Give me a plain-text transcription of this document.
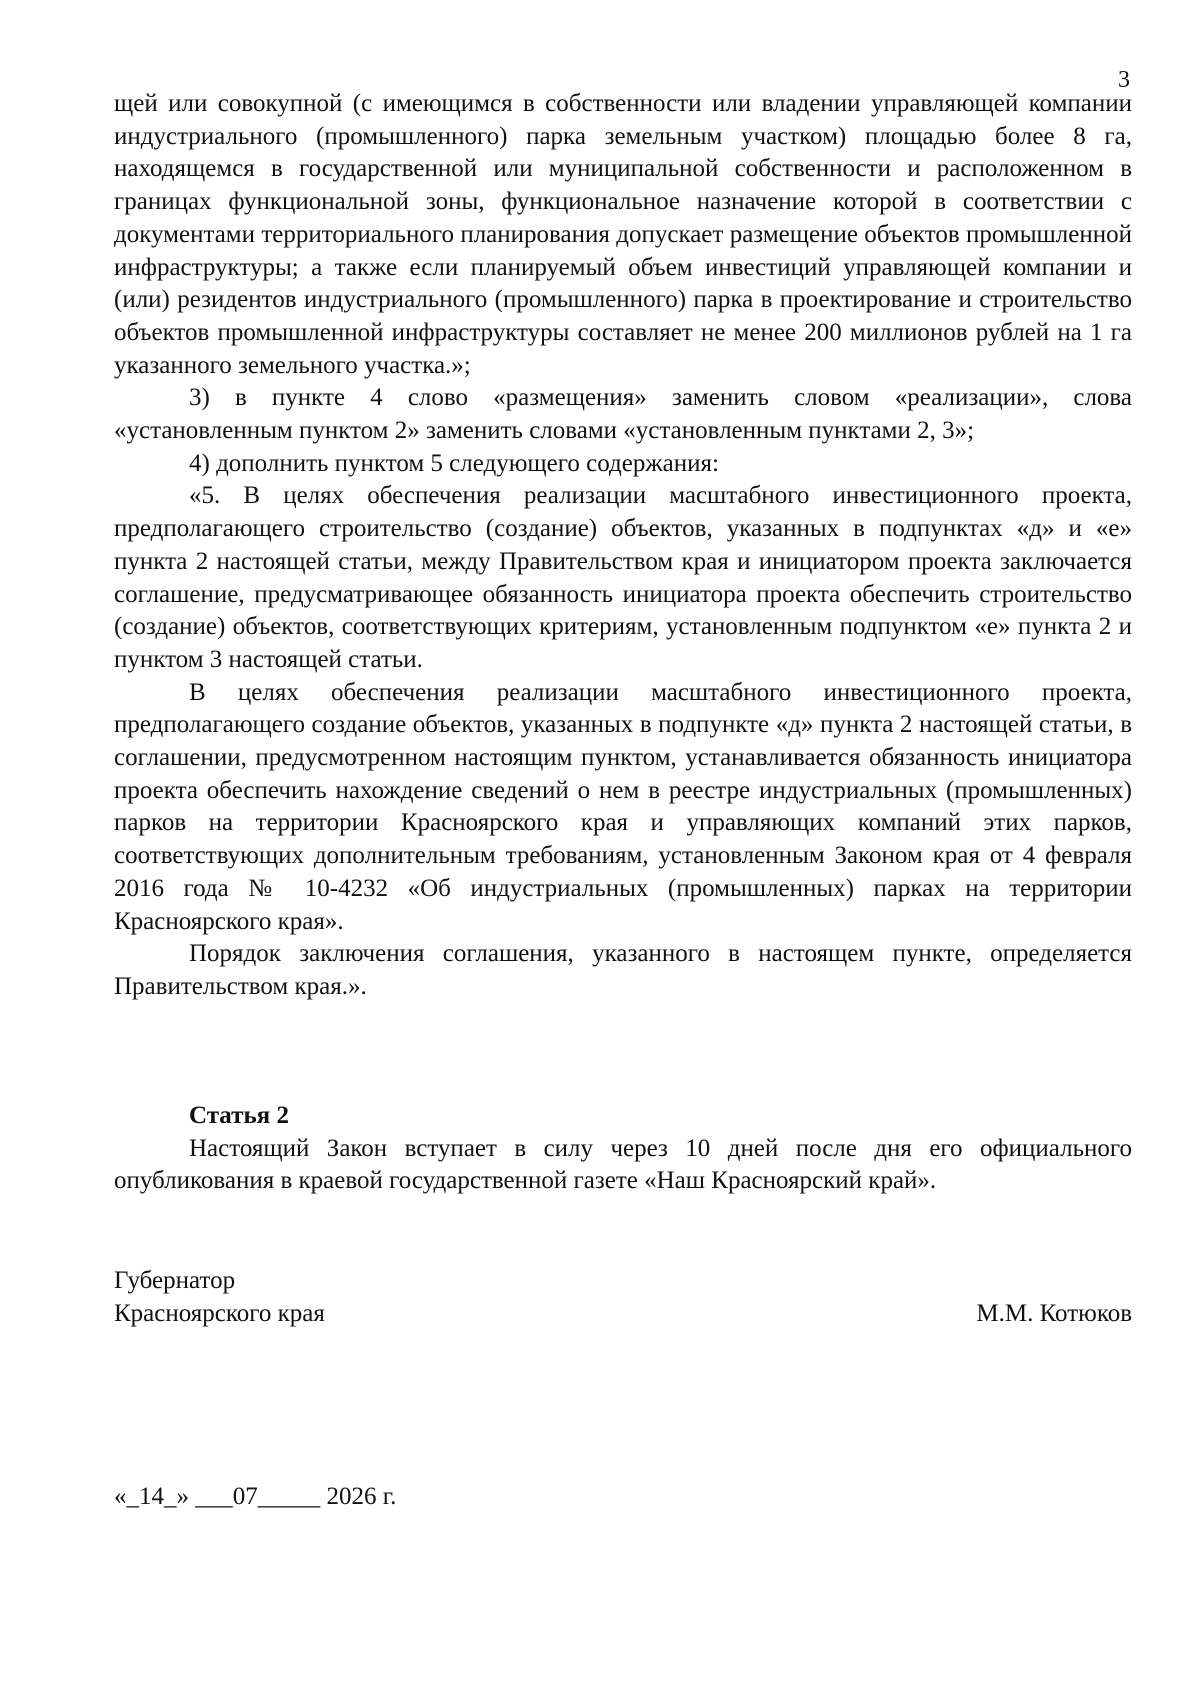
3

щей или совокупной (с имеющимся в собственности или владении управляющей компании индустриального (промышленного) парка земельным участком) площадью более 8 га, находящемся в государственной или муниципальной собственности и расположенном в границах функциональной зоны, функциональное назначение которой в соответствии с документами территориального планирования допускает размещение объектов промышленной инфраструктуры; а также если планируемый объем инвестиций управляющей компании и (или) резидентов индустриального (промышленного) парка в проектирование и строительство объектов промышленной инфраструктуры составляет не менее 200 миллионов рублей на 1 га указанного земельного участка.»;

3) в пункте 4 слово «размещения» заменить словом «реализации», слова «установленным пунктом 2» заменить словами «установленным пунктами 2, 3»;

4) дополнить пунктом 5 следующего содержания:

«5. В целях обеспечения реализации масштабного инвестиционного проекта, предполагающего строительство (создание) объектов, указанных в подпунктах «д» и «е» пункта 2 настоящей статьи, между Правительством края и инициатором проекта заключается соглашение, предусматривающее обязанность инициатора проекта обеспечить строительство (создание) объектов, соответствующих критериям, установленным подпунктом «е» пункта 2 и пунктом 3 настоящей статьи.

В целях обеспечения реализации масштабного инвестиционного проекта, предполагающего создание объектов, указанных в подпункте «д» пункта 2 настоящей статьи, в соглашении, предусмотренном настоящим пунктом, устанавливается обязанность инициатора проекта обеспечить нахождение сведений о нем в реестре индустриальных (промышленных) парков на территории Красноярского края и управляющих компаний этих парков, соответствующих дополнительным требованиям, установленным Законом края от 4 февраля 2016 года № 10-4232 «Об индустриальных (промышленных) парках на территории Красноярского края».

Порядок заключения соглашения, указанного в настоящем пункте, определяется Правительством края.».

Статья 2

Настоящий Закон вступает в силу через 10 дней после дня его официального опубликования в краевой государственной газете «Наш Красноярский край».

Губернатор
Красноярского края	М.М. Котюков
«_14_» ___07_____ 2026 г.
